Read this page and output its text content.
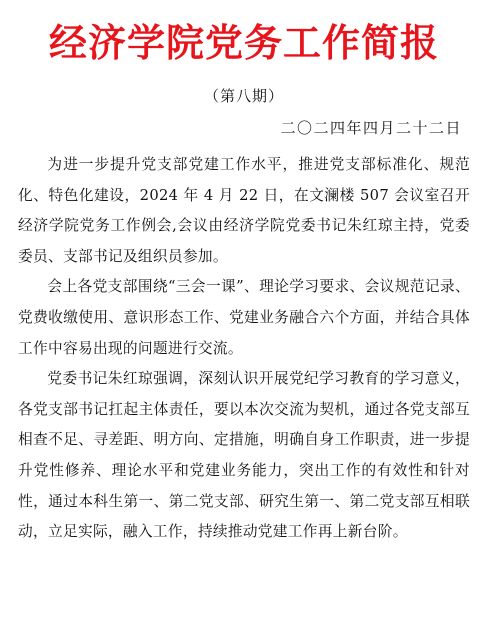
经济学院党务工作简报
（第八期）
二〇二四年四月二十二日

为进一步提升党支部党建工作水平，推进党支部标准化、规范化、特色化建设，2024 年 4 月 22 日，在文澜楼 507 会议室召开经济学院党务工作例会,会议由经济学院党委书记朱红琼主持，党委委员、支部书记及组织员参加。

会上各党支部围绕“三会一课”、理论学习要求、会议规范记录、党费收缴使用、意识形态工作、党建业务融合六个方面，并结合具体工作中容易出现的问题进行交流。

党委书记朱红琼强调，深刻认识开展党纪学习教育的学习意义，各党支部书记扛起主体责任，要以本次交流为契机，通过各党支部互相查不足、寻差距、明方向、定措施，明确自身工作职责，进一步提升党性修养、理论水平和党建业务能力，突出工作的有效性和针对性，通过本科生第一、第二党支部、研究生第一、第二党支部互相联动，立足实际，融入工作，持续推动党建工作再上新台阶。
